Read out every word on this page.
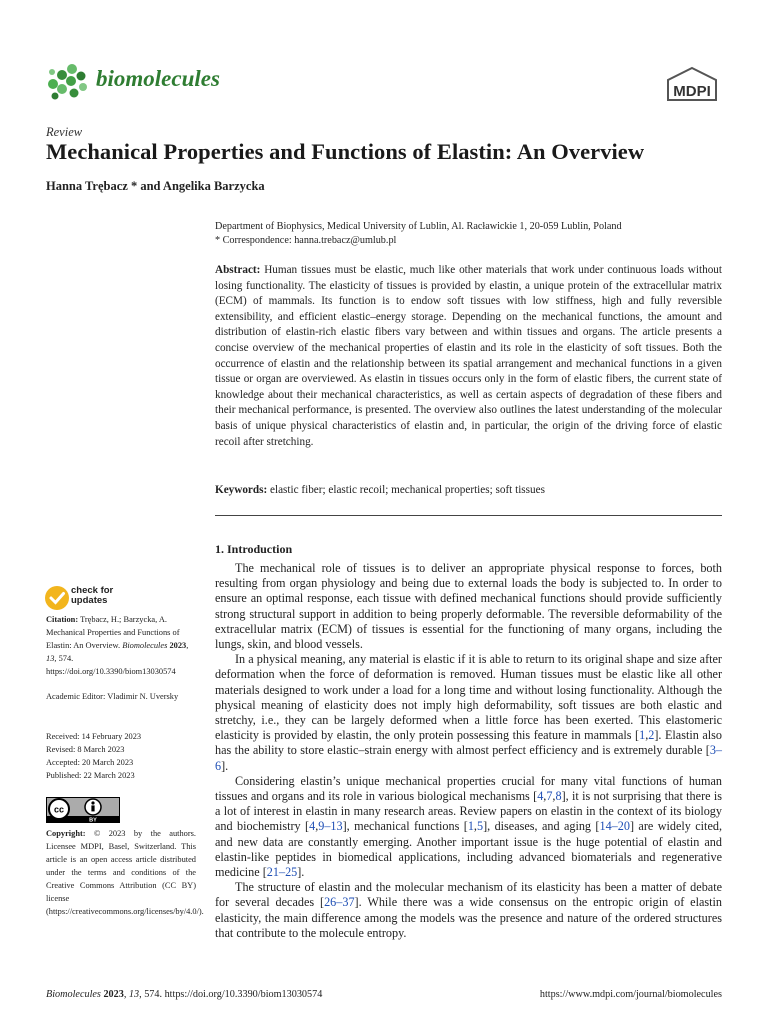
biomolecules
MDPI
Review
Mechanical Properties and Functions of Elastin: An Overview
Hanna Trębacz * and Angelika Barzycka
Department of Biophysics, Medical University of Lublin, Al. Racławickie 1, 20-059 Lublin, Poland
* Correspondence: hanna.trebacz@umlub.pl

Abstract: Human tissues must be elastic, much like other materials that work under continuous loads without losing functionality. The elasticity of tissues is provided by elastin, a unique protein of the extracellular matrix (ECM) of mammals. Its function is to endow soft tissues with low stiffness, high and fully reversible extensibility, and efficient elastic–energy storage. Depending on the mechanical functions, the amount and distribution of elastin-rich elastic fibers vary between and within tissues and organs. The article presents a concise overview of the mechanical properties of elastin and its role in the elasticity of soft tissues. Both the occurrence of elastin and the relationship between its spatial arrangement and mechanical functions in a given tissue or organ are overviewed. As elastin in tissues occurs only in the form of elastic fibers, the current state of knowledge about their mechanical characteristics, as well as certain aspects of degradation of these fibers and their mechanical performance, is presented. The overview also outlines the latest understanding of the molecular basis of unique physical characteristics of elastin and, in particular, the origin of the driving force of elastic recoil after stretching.

Keywords: elastic fiber; elastic recoil; mechanical properties; soft tissues

1. Introduction

The mechanical role of tissues is to deliver an appropriate physical response to forces, both resulting from organ physiology and being due to external loads the body is subjected to. In order to ensure an optimal response, each tissue with defined mechanical functions should provide sufficiently strong structural support in addition to being properly deformable. The reversible deformability of the extracellular matrix (ECM) of tissues is essential for the functioning of many organs, including the lungs, skin, and blood vessels.

In a physical meaning, any material is elastic if it is able to return to its original shape and size after deformation when the force of deformation is removed. Human tissues must be elastic like all other materials designed to work under a load for a long time and without losing functionality. Although the physical meaning of elasticity does not imply high deformability, soft tissues are both elastic and stretchy, i.e., they can be largely deformed when a little force has been exerted. This elastomeric elasticity is provided by elastin, the only protein possessing this feature in mammals [1,2]. Elastin also has the ability to store elastic–strain energy with almost perfect efficiency and is extremely durable [3–6].

Considering elastin’s unique mechanical properties crucial for many vital functions of human tissues and organs and its role in various biological mechanisms [4,7,8], it is not surprising that there is a lot of interest in elastin in many research areas. Review papers on elastin in the context of its biology and biochemistry [4,9–13], mechanical functions [1,5], diseases, and aging [14–20] are widely cited, and new data are constantly emerging. Another important issue is the huge potential of elastin and elastin-like peptides in biomedical applications, including advanced biomaterials and regenerative medicine [21–25].

The structure of elastin and the molecular mechanism of its elasticity has been a matter of debate for several decades [26–37]. While there was a wide consensus on the entropic origin of elastin elasticity, the main difference among the models was the presence and nature of the ordered structures that contribute to the molecule entropy.

check for
updates
Citation: Trębacz, H.; Barzycka, A. Mechanical Properties and Functions of Elastin: An Overview. Biomolecules 2023, 13, 574. https://doi.org/10.3390/biom13030574
Academic Editor: Vladimir N. Uversky
Received: 14 February 2023
Revised: 8 March 2023
Accepted: 20 March 2023
Published: 22 March 2023
cc
BY
Copyright: © 2023 by the authors. Licensee MDPI, Basel, Switzerland. This article is an open access article distributed under the terms and conditions of the Creative Commons Attribution (CC BY) license (https://creativecommons.org/licenses/by/4.0/).
Biomolecules 2023, 13, 574. https://doi.org/10.3390/biom13030574	https://www.mdpi.com/journal/biomolecules
